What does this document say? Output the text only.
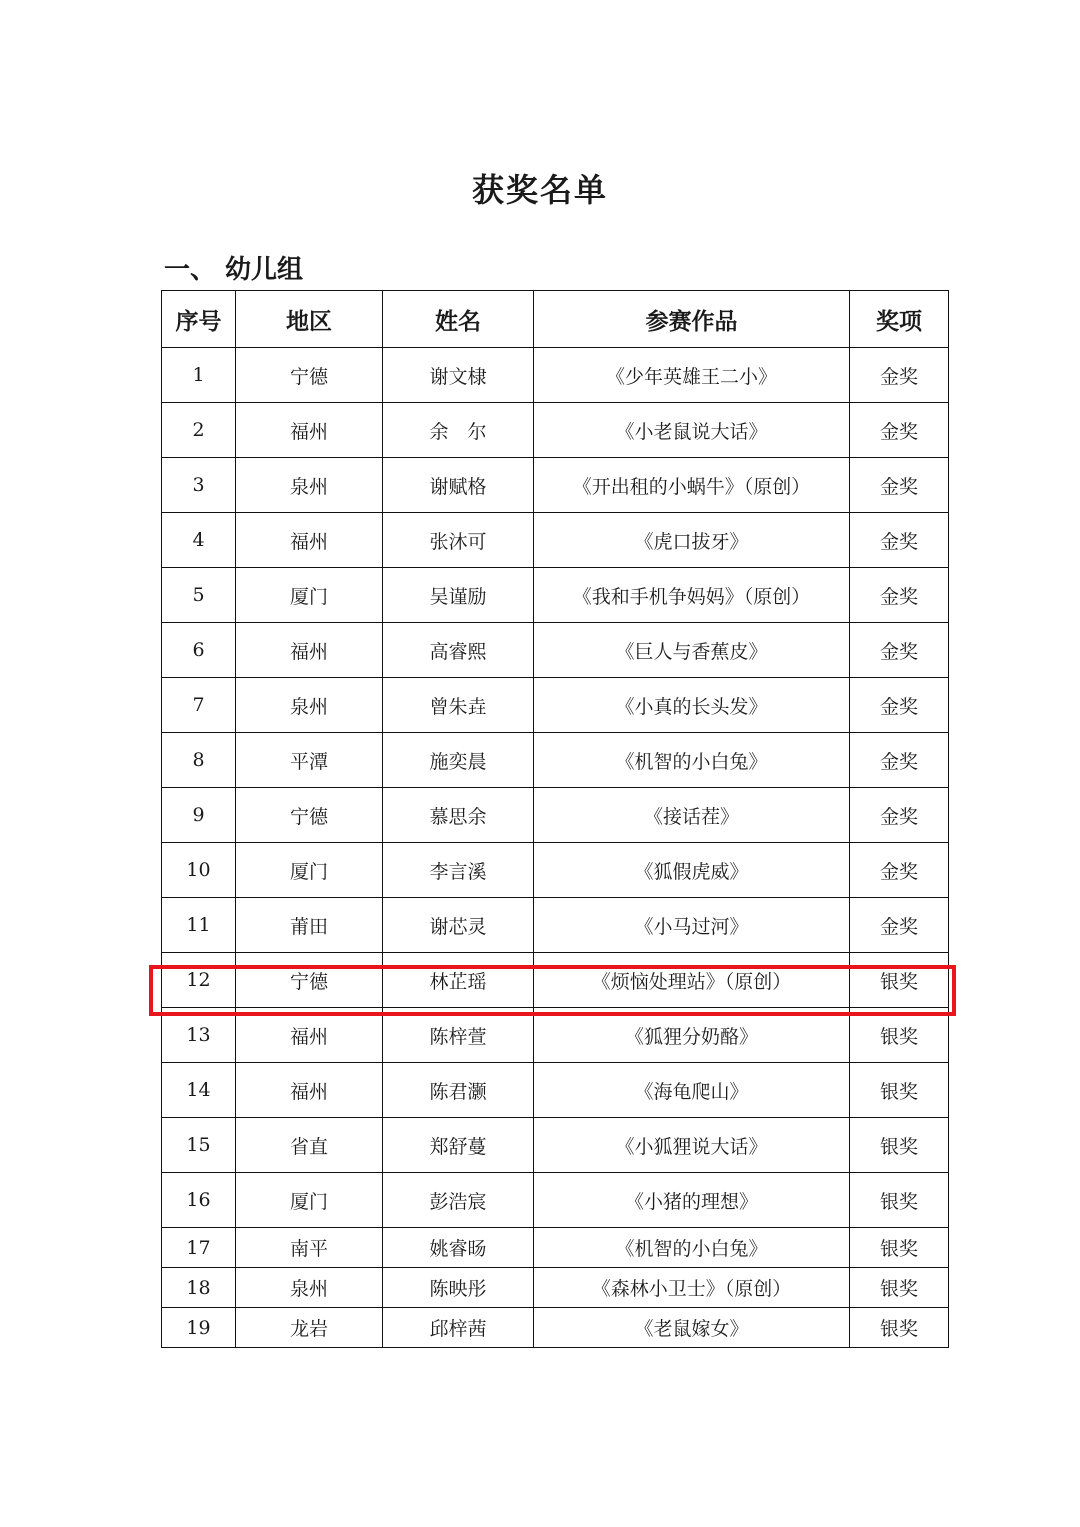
获奖名单
一、 幼儿组
序号	地区	姓名	参赛作品	奖项
1	宁德	谢文棣	《少年英雄王二小》	金奖
2	福州	余　尔	《小老鼠说大话》	金奖
3	泉州	谢赋格	《开出租的小蜗牛》（原创）	金奖
4	福州	张沐可	《虎口拔牙》	金奖
5	厦门	吴谨励	《我和手机争妈妈》（原创）	金奖
6	福州	高睿熙	《巨人与香蕉皮》	金奖
7	泉州	曾朱垚	《小真的长头发》	金奖
8	平潭	施奕晨	《机智的小白兔》	金奖
9	宁德	慕思余	《接话茬》	金奖
10	厦门	李言溪	《狐假虎威》	金奖
11	莆田	谢芯灵	《小马过河》	金奖
12	宁德	林芷瑶	《烦恼处理站》（原创）	银奖
13	福州	陈梓萱	《狐狸分奶酪》	银奖
14	福州	陈君灏	《海龟爬山》	银奖
15	省直	郑舒蔓	《小狐狸说大话》	银奖
16	厦门	彭浩宸	《小猪的理想》	银奖
17	南平	姚睿旸	《机智的小白兔》	银奖
18	泉州	陈映彤	《森林小卫士》（原创）	银奖
19	龙岩	邱梓茜	《老鼠嫁女》	银奖
